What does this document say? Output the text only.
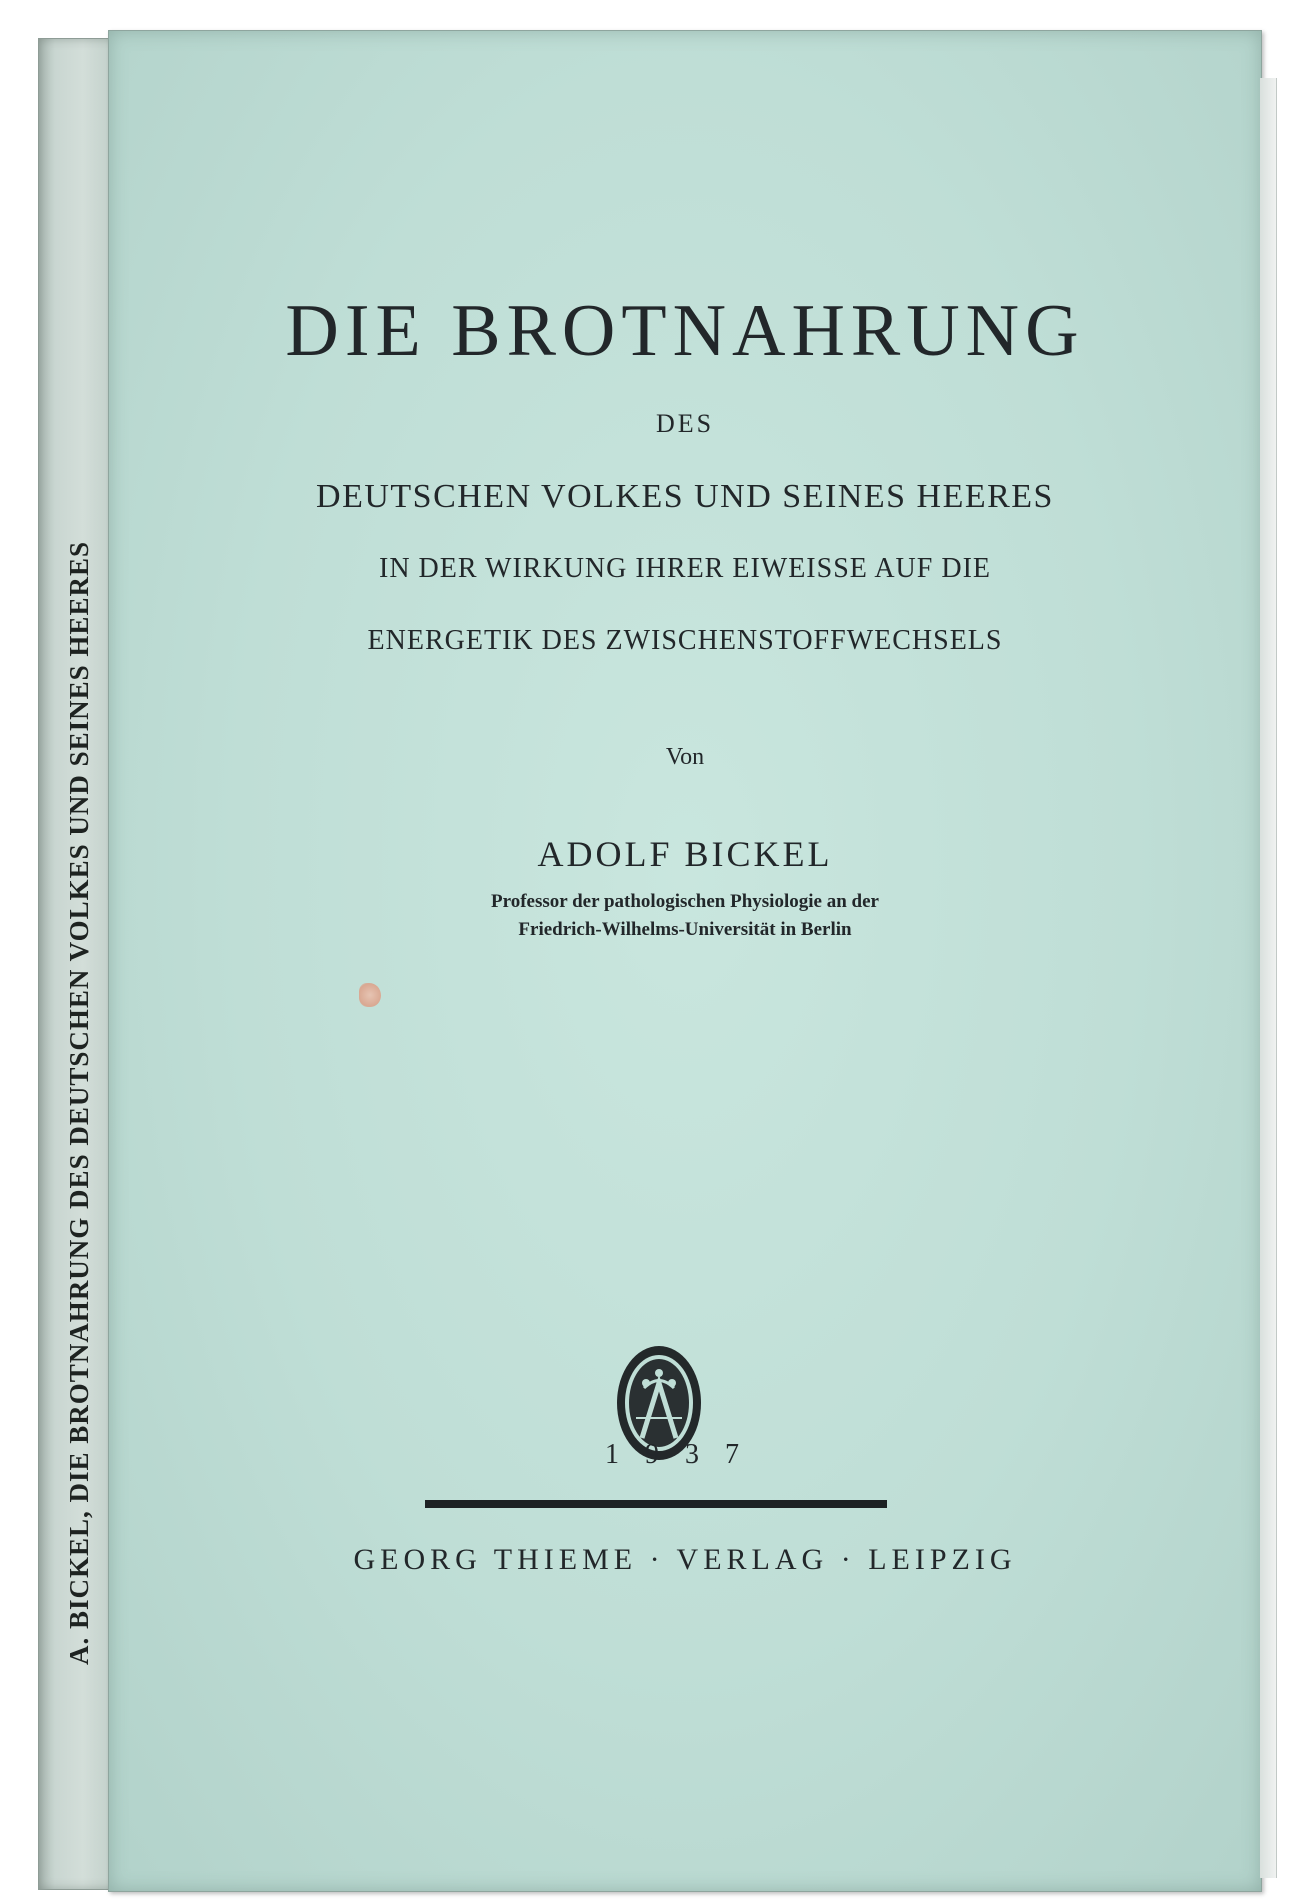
A. BICKEL, DIE BROTNAHRUNG DES DEUTSCHEN VOLKES UND SEINES HEERES
DIE BROTNAHRUNG
DES
DEUTSCHEN VOLKES UND SEINES HEERES
IN DER WIRKUNG IHRER EIWEISSE AUF DIE
ENERGETIK DES ZWISCHENSTOFFWECHSELS
Von
ADOLF BICKEL
Professor der pathologischen Physiologie an der
Friedrich-Wilhelms-Universität in Berlin
1937
GEORG THIEME · VERLAG · LEIPZIG
